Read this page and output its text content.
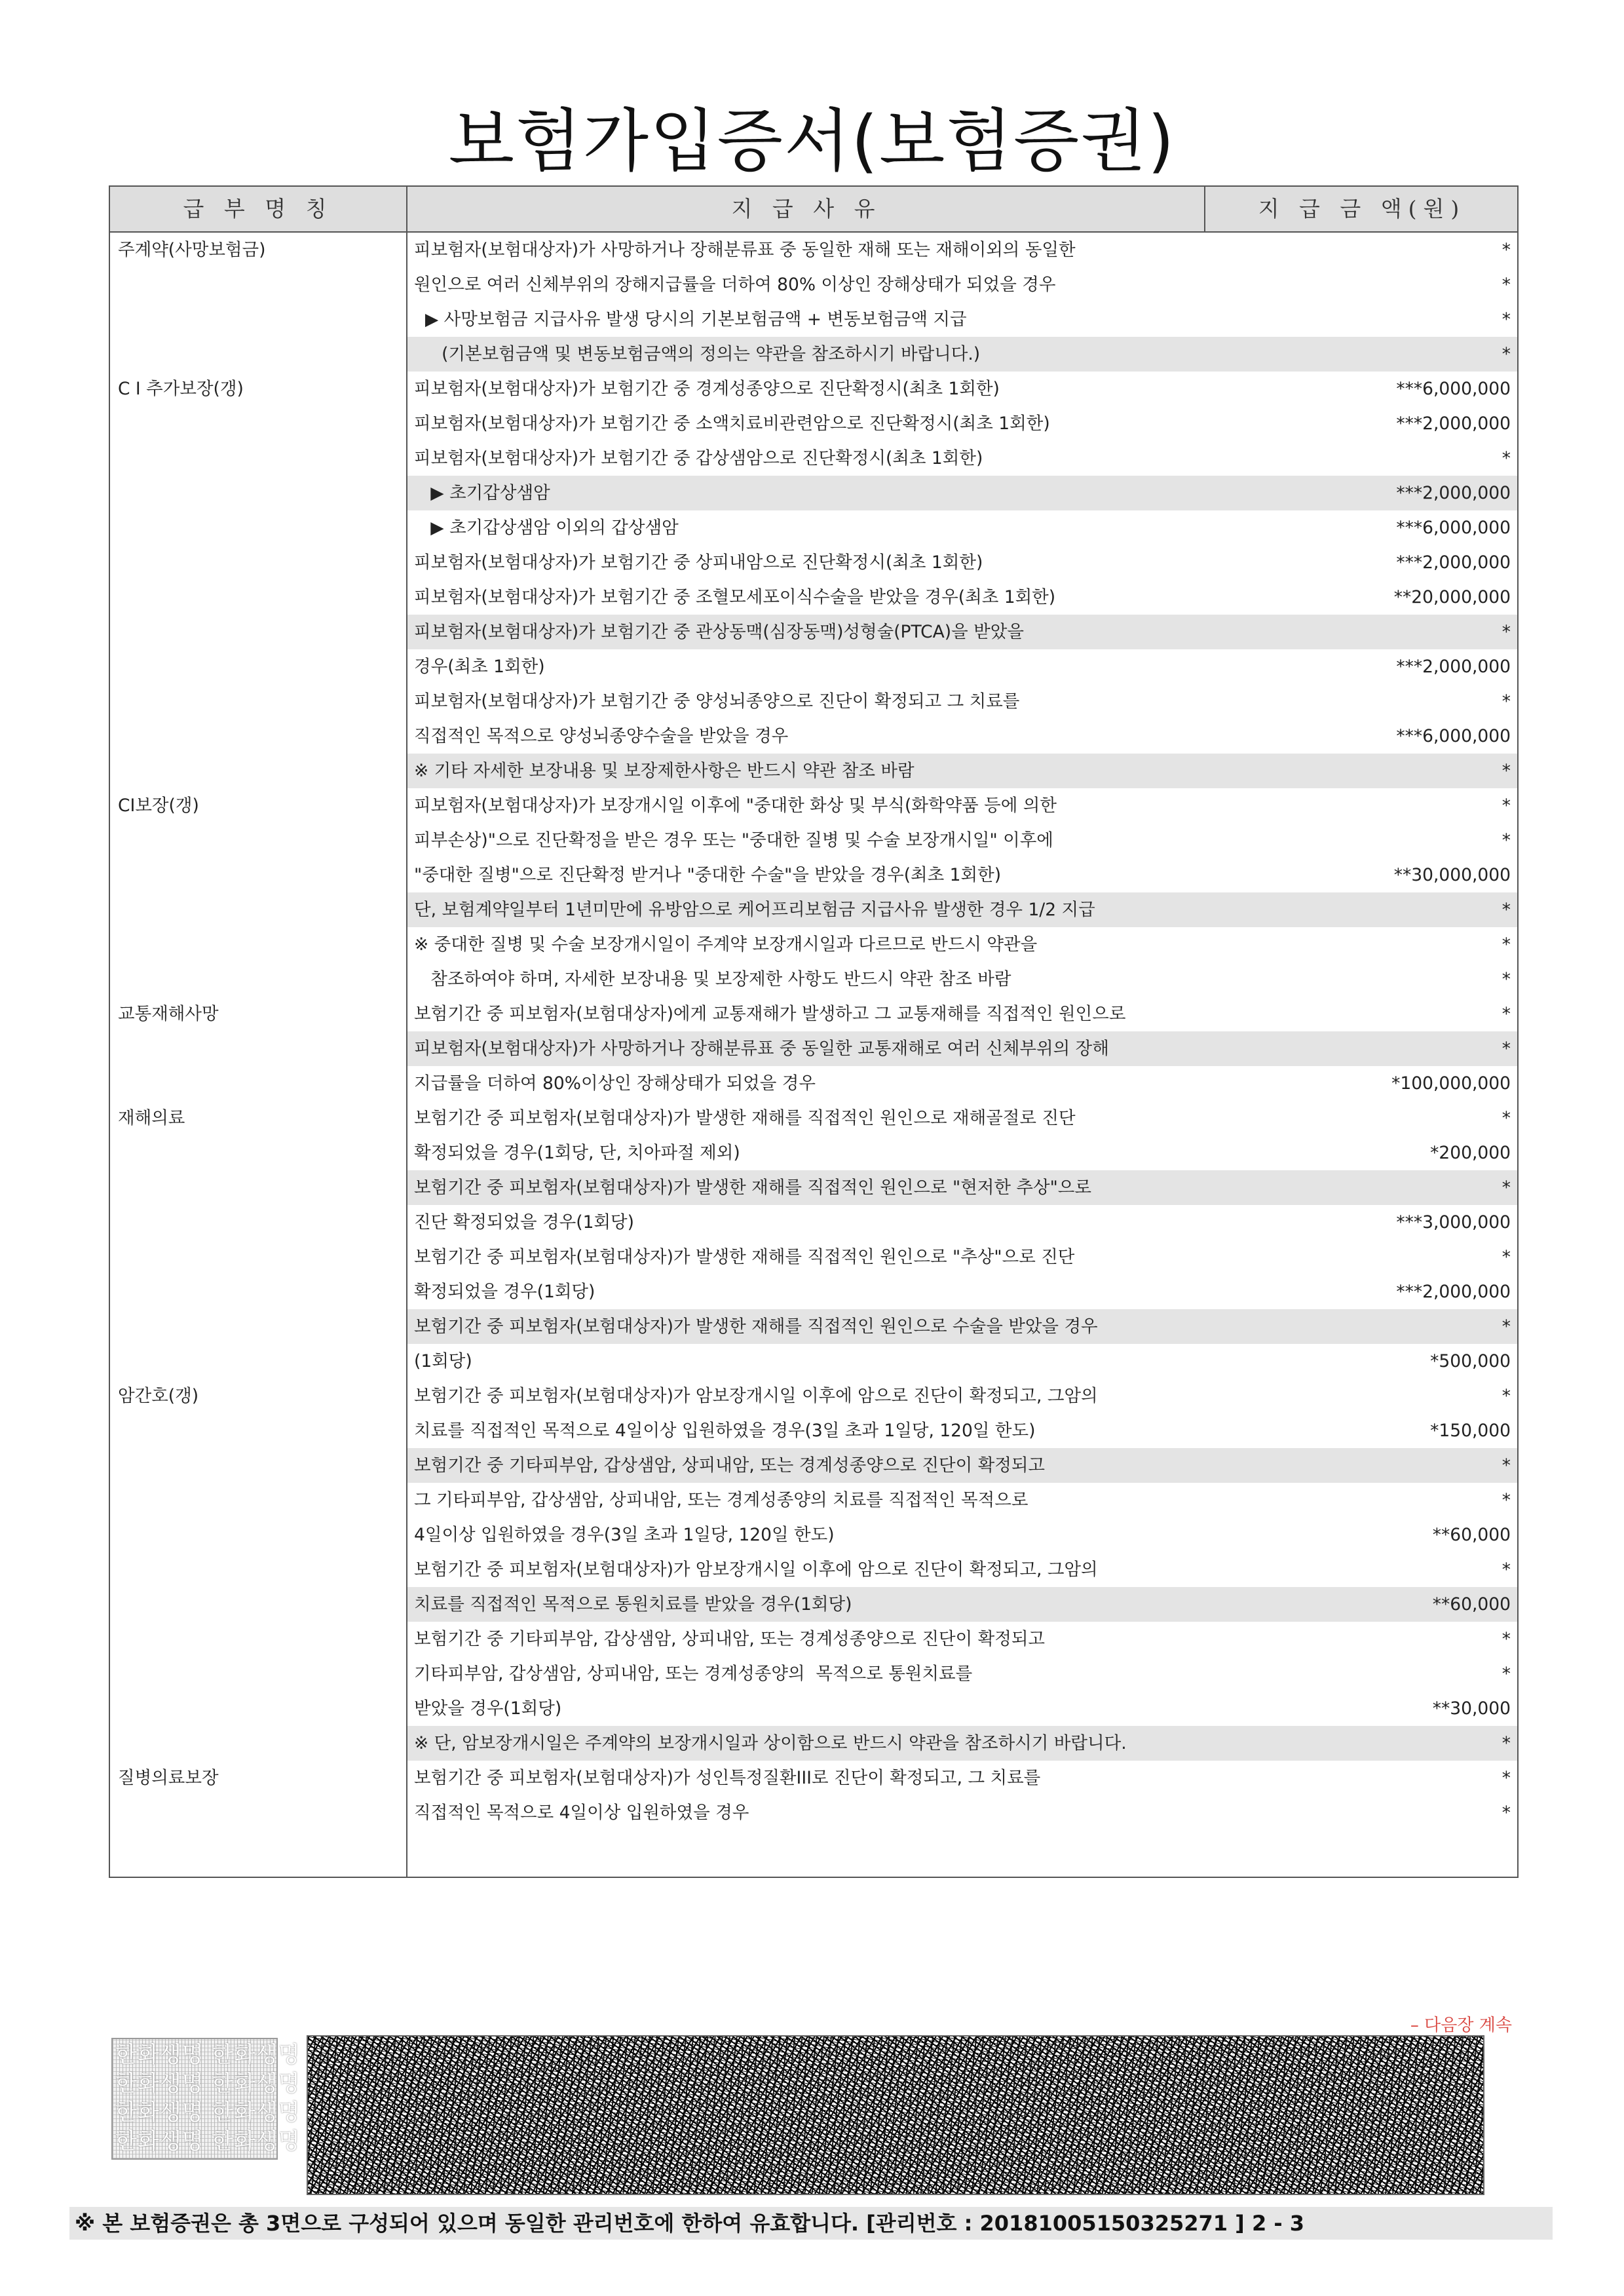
보험가입증서(보험증권)
급 부 명 칭	지 급 사 유	지 급 금 액(원)
주계약(사망보험금)	피보험자(보험대상자)가 사망하거나 장해분류표 중 동일한 재해 또는 재해이외의 동일한	*
원인으로 여러 신체부위의 장해지급률을 더하여 80% 이상인 장해상태가 되었을 경우	*
▶ 사망보험금 지급사유 발생 당시의 기본보험금액 + 변동보험금액 지급	*
(기본보험금액 및 변동보험금액의 정의는 약관을 참조하시기 바랍니다.)	*
C I 추가보장(갱)	피보험자(보험대상자)가 보험기간 중 경계성종양으로 진단확정시(최초 1회한)	***6,000,000
피보험자(보험대상자)가 보험기간 중 소액치료비관련암으로 진단확정시(최초 1회한)	***2,000,000
피보험자(보험대상자)가 보험기간 중 갑상샘암으로 진단확정시(최초 1회한)	*
▶ 초기갑상샘암	***2,000,000
▶ 초기갑상샘암 이외의 갑상샘암	***6,000,000
피보험자(보험대상자)가 보험기간 중 상피내암으로 진단확정시(최초 1회한)	***2,000,000
피보험자(보험대상자)가 보험기간 중 조혈모세포이식수술을 받았을 경우(최초 1회한)	**20,000,000
피보험자(보험대상자)가 보험기간 중 관상동맥(심장동맥)성형술(PTCA)을 받았을	*
경우(최초 1회한)	***2,000,000
피보험자(보험대상자)가 보험기간 중 양성뇌종양으로 진단이 확정되고 그 치료를	*
직접적인 목적으로 양성뇌종양수술을 받았을 경우	***6,000,000
※ 기타 자세한 보장내용 및 보장제한사항은 반드시 약관 참조 바람	*
CI보장(갱)	피보험자(보험대상자)가 보장개시일 이후에 "중대한 화상 및 부식(화학약품 등에 의한	*
피부손상)"으로 진단확정을 받은 경우 또는 "중대한 질병 및 수술 보장개시일" 이후에	*
"중대한 질병"으로 진단확정 받거나 "중대한 수술"을 받았을 경우(최초 1회한)	**30,000,000
단, 보험계약일부터 1년미만에 유방암으로 케어프리보험금 지급사유 발생한 경우 1/2 지급	*
※ 중대한 질병 및 수술 보장개시일이 주계약 보장개시일과 다르므로 반드시 약관을	*
참조하여야 하며, 자세한 보장내용 및 보장제한 사항도 반드시 약관 참조 바람	*
교통재해사망	보험기간 중 피보험자(보험대상자)에게 교통재해가 발생하고 그 교통재해를 직접적인 원인으로	*
피보험자(보험대상자)가 사망하거나 장해분류표 중 동일한 교통재해로 여러 신체부위의 장해	*
지급률을 더하여 80%이상인 장해상태가 되었을 경우	*100,000,000
재해의료	보험기간 중 피보험자(보험대상자)가 발생한 재해를 직접적인 원인으로 재해골절로 진단	*
확정되었을 경우(1회당, 단, 치아파절 제외)	*200,000
보험기간 중 피보험자(보험대상자)가 발생한 재해를 직접적인 원인으로 "현저한 추상"으로	*
진단 확정되었을 경우(1회당)	***3,000,000
보험기간 중 피보험자(보험대상자)가 발생한 재해를 직접적인 원인으로 "추상"으로 진단	*
확정되었을 경우(1회당)	***2,000,000
보험기간 중 피보험자(보험대상자)가 발생한 재해를 직접적인 원인으로 수술을 받았을 경우	*
(1회당)	*500,000
암간호(갱)	보험기간 중 피보험자(보험대상자)가 암보장개시일 이후에 암으로 진단이 확정되고, 그암의	*
치료를 직접적인 목적으로 4일이상 입원하였을 경우(3일 초과 1일당, 120일 한도)	*150,000
보험기간 중 기타피부암, 갑상샘암, 상피내암, 또는 경계성종양으로 진단이 확정되고	*
그 기타피부암, 갑상샘암, 상피내암, 또는 경계성종양의 치료를 직접적인 목적으로	*
4일이상 입원하였을 경우(3일 초과 1일당, 120일 한도)	**60,000
보험기간 중 피보험자(보험대상자)가 암보장개시일 이후에 암으로 진단이 확정되고, 그암의	*
치료를 직접적인 목적으로 통원치료를 받았을 경우(1회당)	**60,000
보험기간 중 기타피부암, 갑상샘암, 상피내암, 또는 경계성종양으로 진단이 확정되고	*
기타피부암, 갑상샘암, 상피내암, 또는 경계성종양의  목적으로 통원치료를	*
받았을 경우(1회당)	**30,000
※ 단, 암보장개시일은 주계약의 보장개시일과 상이함으로 반드시 약관을 참조하시기 바랍니다.	*
질병의료보장	보험기간 중 피보험자(보험대상자)가 성인특정질환III로 진단이 확정되고, 그 치료를	*
직접적인 목적으로 4일이상 입원하였을 경우	*
– 다음장 계속
한화생명 한화생명
한화생명 한화생명
한화생명 한화생명
한화생명 한화생명
※ 본 보험증권은 총 3면으로 구성되어 있으며 동일한 관리번호에 한하여 유효합니다. [관리번호 : 20181005150325271 ] 2 - 3
